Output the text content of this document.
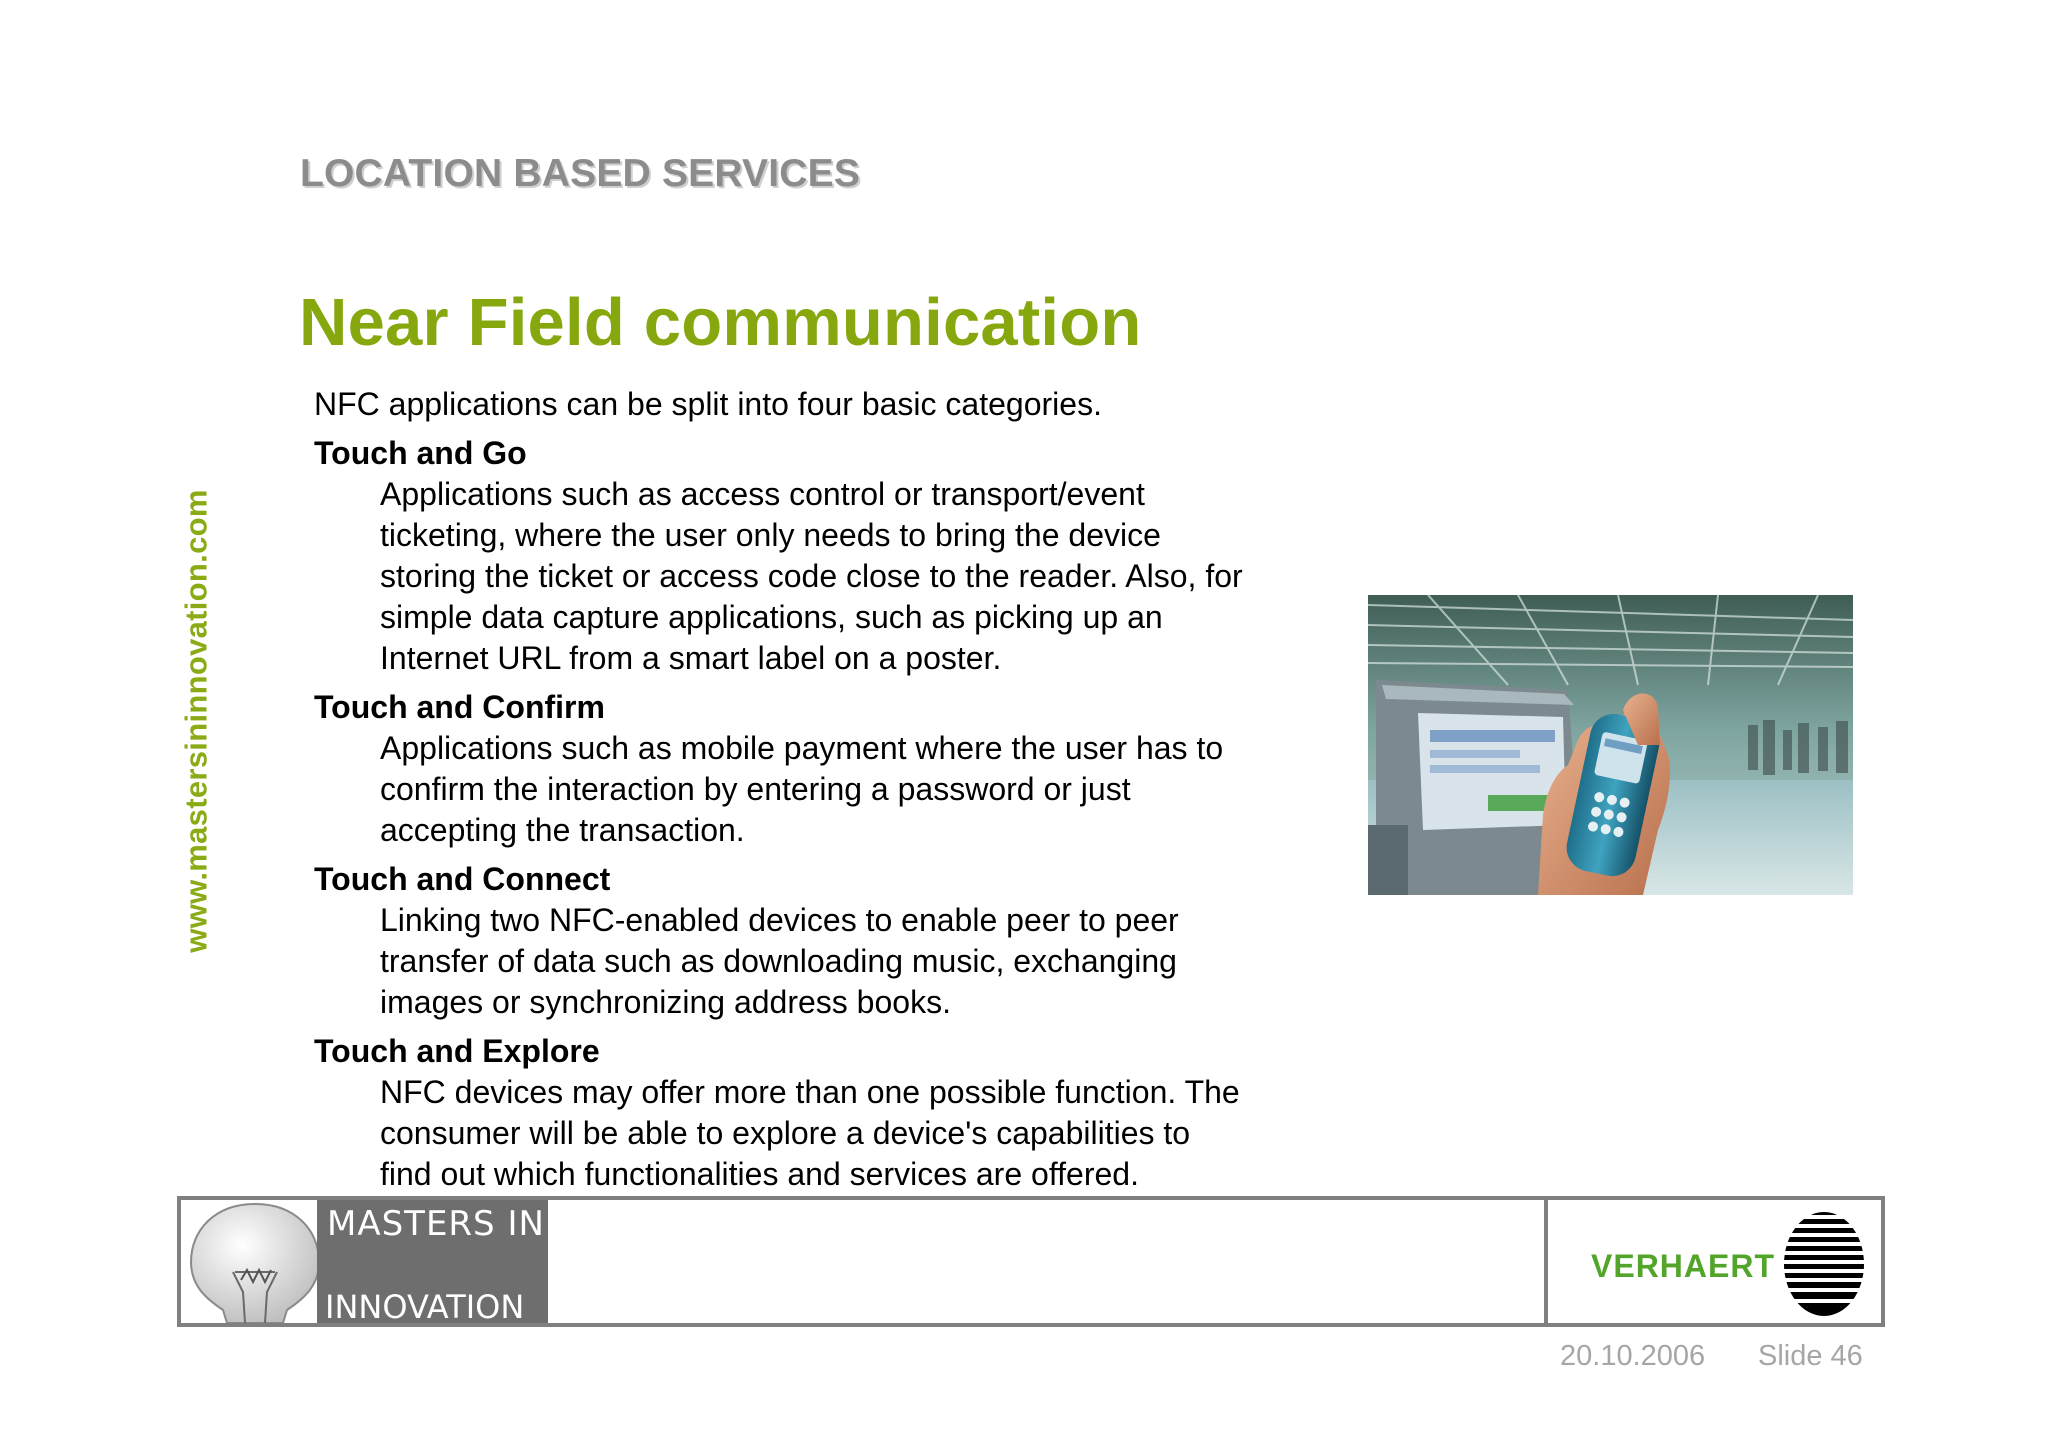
www.mastersininnovation.com
LOCATION BASED SERVICES
Near Field communication

NFC applications can be split into four basic categories.

Touch and Go

Applications such as access control or transport/event
ticketing, where the user only needs to bring the device
storing the ticket or access code close to the reader. Also, for
simple data capture applications, such as picking up an
Internet URL from a smart label on a poster.

Touch and Confirm

Applications such as mobile payment where the user has to
confirm the interaction by entering a password or just
accepting the transaction.

Touch and Connect

Linking two NFC-enabled devices to enable peer to peer
transfer of data such as downloading music, exchanging
images or synchronizing address books.

Touch and Explore

NFC devices may offer more than one possible function. The
consumer will be able to explore a device's capabilities to
find out which functionalities and services are offered.

MASTERS IN
INNOVATION
VERHAERT
20.10.2006 Slide 46
